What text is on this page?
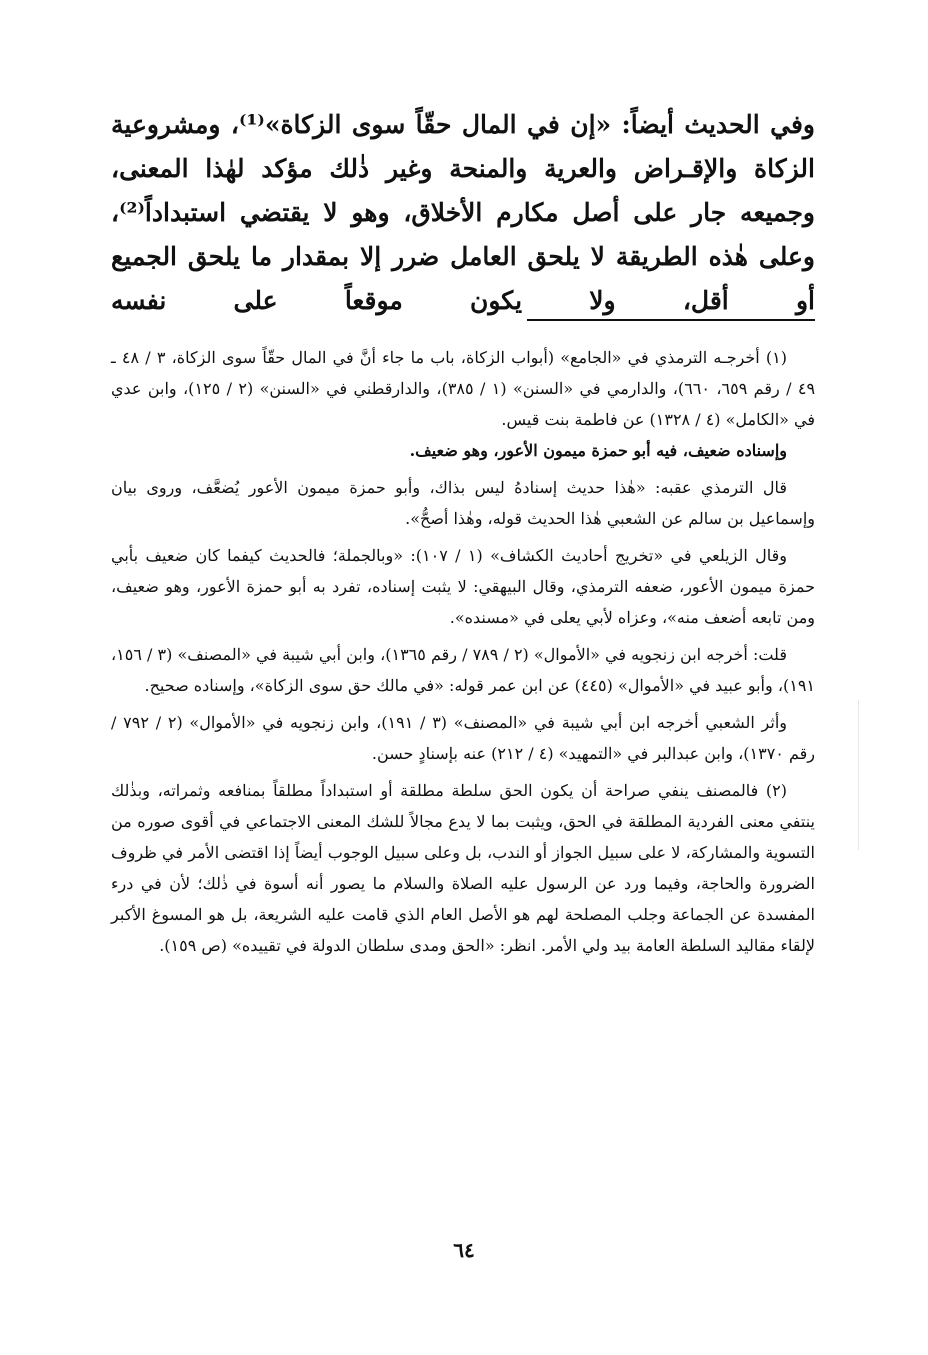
وفي الحديث أيضاً: «إن في المال حقّاً سوى الزكاة»⁽¹⁾، ومشروعية الزكاة والإقـراض والعرية والمنحة وغير ذٰلك مؤكد لهٰذا المعنى، وجميعه جار على أصل مكارم الأخلاق، وهو لا يقتضي استبداداً⁽²⁾، وعلى هٰذه الطريقة لا يلحق العامل ضرر إلا بمقدار ما يلحق الجميع أو أقل، ولا يكون موقعاً على نفسه

(١) أخرجـه الترمذي في «الجامع» (أبواب الزكاة، باب ما جاء أنَّ في المال حقّاً سوى الزكاة، ٣ / ٤٨ ـ ٤٩ / رقم ٦٥٩، ٦٦٠)، والدارمي في «السنن» (١ / ٣٨٥)، والدارقطني في «السنن» (٢ / ١٢٥)، وابن عدي في «الكامل» (٤ / ١٣٢٨) عن فاطمة بنت قيس.

وإسناده ضعيف، فيه أبو حمزة ميمون الأعور، وهو ضعيف.

قال الترمذي عقبه: «هٰذا حديث إسنادهُ ليس بذاك، وأبو حمزة ميمون الأعور يُضعَّف، وروى بيان وإسماعيل بن سالم عن الشعبي هٰذا الحديث قوله، وهٰذا أصحُّ».

وقال الزيلعي في «تخريج أحاديث الكشاف» (١ / ١٠٧): «وبالجملة؛ فالحديث كيفما كان ضعيف بأبي حمزة ميمون الأعور، ضعفه الترمذي، وقال البيهقي: لا يثبت إسناده، تفرد به أبو حمزة الأعور، وهو ضعيف، ومن تابعه أضعف منه»، وعزاه لأبي يعلى في «مسنده».

قلت: أخرجه ابن زنجويه في «الأموال» (٢ / ٧٨٩ / رقم ١٣٦٥)، وابن أبي شيبة في «المصنف» (٣ / ١٥٦، ١٩١)، وأبو عبيد في «الأموال» (٤٤٥) عن ابن عمر قوله: «في مالك حق سوى الزكاة»، وإسناده صحيح.

وأثر الشعبي أخرجه ابن أبي شيبة في «المصنف» (٣ / ١٩١)، وابن زنجويه في «الأموال» (٢ / ٧٩٢ / رقم ١٣٧٠)، وابن عبدالبر في «التمهيد» (٤ / ٢١٢) عنه بإسنادٍ حسن.

(٢) فالمصنف ينفي صراحة أن يكون الحق سلطة مطلقة أو استبداداً مطلقاً بمنافعه وثمراته، وبذٰلك ينتفي معنى الفردية المطلقة في الحق، ويثبت بما لا يدع مجالاً للشك المعنى الاجتماعي في أقوى صوره من التسوية والمشاركة، لا على سبيل الجواز أو الندب، بل وعلى سبيل الوجوب أيضاً إذا اقتضى الأمر في ظروف الضرورة والحاجة، وفيما ورد عن الرسول عليه الصلاة والسلام ما يصور أنه أسوة في ذٰلك؛ لأن في درء المفسدة عن الجماعة وجلب المصلحة لهم هو الأصل العام الذي قامت عليه الشريعة، بل هو المسوغ الأكبر لإلقاء مقاليد السلطة العامة بيد ولي الأمر. انظر: «الحق ومدى سلطان الدولة في تقييده» (ص ١٥٩).

٦٤
